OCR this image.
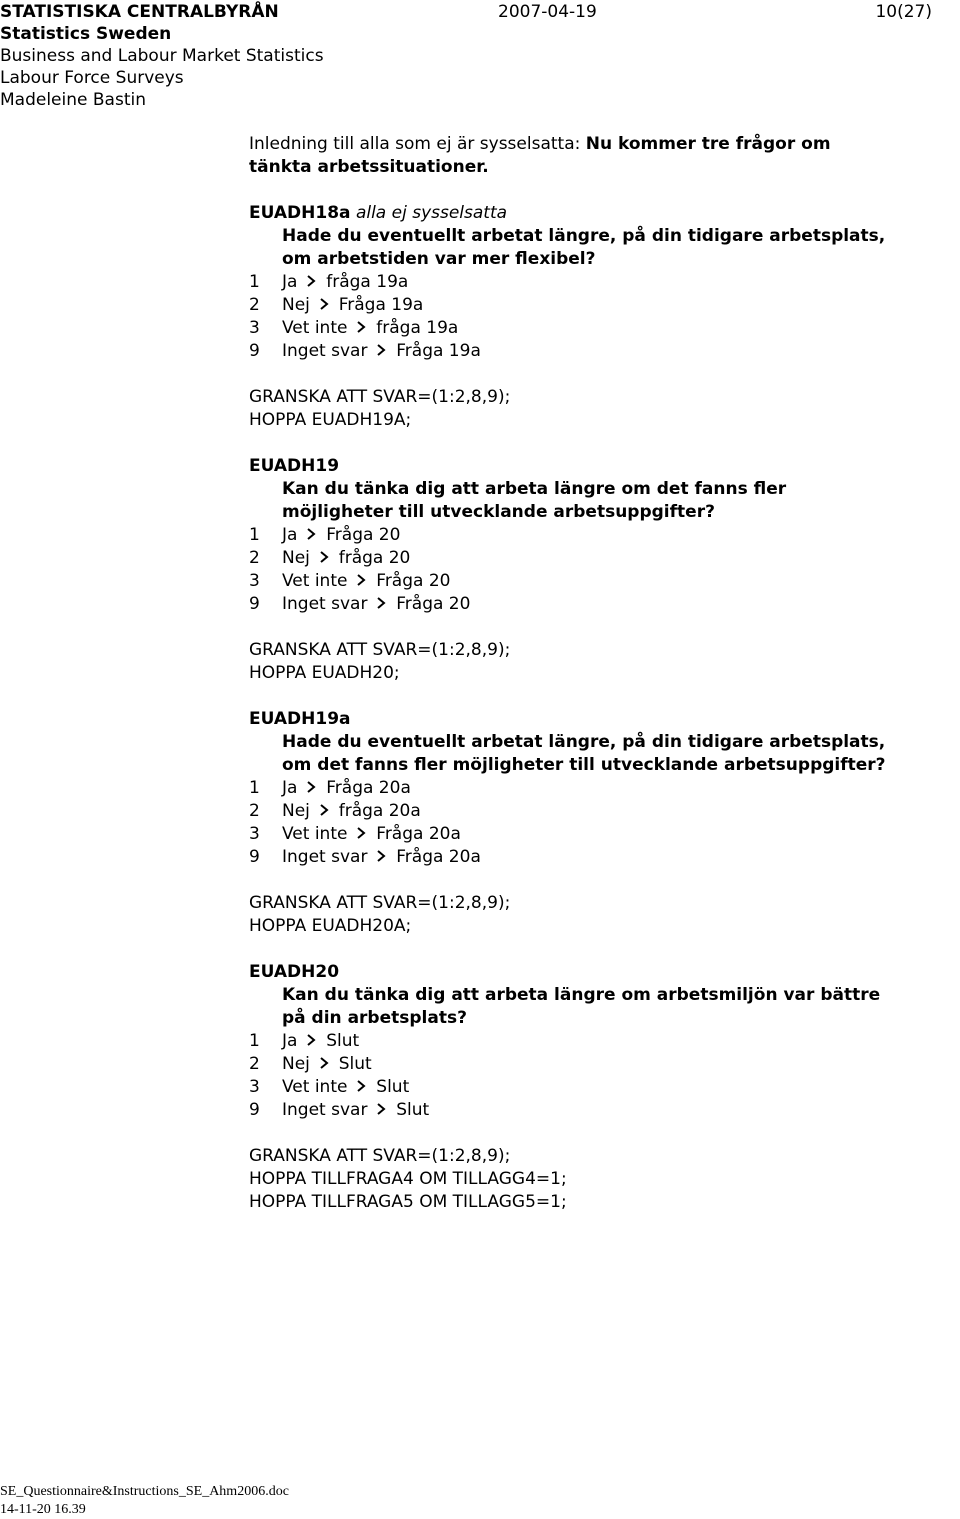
STATISTISKA CENTRALBYRÅN	2007-04-19	10(27)
Statistics Sweden
Business and Labour Market Statistics
Labour Force Surveys
Madeleine Bastin
Inledning till alla som ej är sysselsatta: Nu kommer tre frågor om
tänkta arbetssituationer.
EUADH18a alla ej sysselsatta
Hade du eventuellt arbetat längre, på din tidigare arbetsplats,
om arbetstiden var mer flexibel?
1 Ja fråga 19a
2 Nej Fråga 19a
3 Vet inte fråga 19a
9 Inget svar Fråga 19a
GRANSKA ATT SVAR=(1:2,8,9);
HOPPA EUADH19A;
EUADH19
Kan du tänka dig att arbeta längre om det fanns fler
möjligheter till utvecklande arbetsuppgifter?
1 Ja Fråga 20
2 Nej fråga 20
3 Vet inte Fråga 20
9 Inget svar Fråga 20
GRANSKA ATT SVAR=(1:2,8,9);
HOPPA EUADH20;
EUADH19a
Hade du eventuellt arbetat längre, på din tidigare arbetsplats,
om det fanns fler möjligheter till utvecklande arbetsuppgifter?
1 Ja Fråga 20a
2 Nej fråga 20a
3 Vet inte Fråga 20a
9 Inget svar Fråga 20a
GRANSKA ATT SVAR=(1:2,8,9);
HOPPA EUADH20A;
EUADH20
Kan du tänka dig att arbeta längre om arbetsmiljön var bättre
på din arbetsplats?
1 Ja Slut
2 Nej Slut
3 Vet inte Slut
9 Inget svar Slut
GRANSKA ATT SVAR=(1:2,8,9);
HOPPA TILLFRAGA4 OM TILLAGG4=1;
HOPPA TILLFRAGA5 OM TILLAGG5=1;
SE_Questionnaire&Instructions_SE_Ahm2006.doc
14-11-20 16.39
